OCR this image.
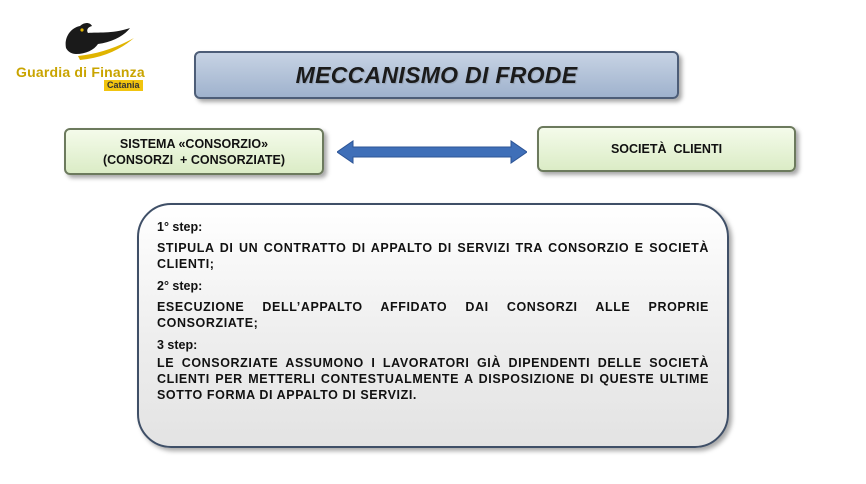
Guardia di Finanza
Catania	MECCANISMO DI FRODE
SISTEMA «CONSORZIO»
(CONSORZI  + CONSORZIATE)
SOCIETÀ  CLIENTI
1° step:
STIPULA DI UN CONTRATTO DI APPALTO DI SERVIZI TRA CONSORZIO E SOCIETÀ CLIENTI;
2° step:
ESECUZIONE DELL’APPALTO AFFIDATO DAI CONSORZI ALLE PROPRIE CONSORZIATE;
3 step:
LE CONSORZIATE ASSUMONO I LAVORATORI GIÀ DIPENDENTI DELLE SOCIETÀ CLIENTI PER METTERLI CONTESTUALMENTE A DISPOSIZIONE DI QUESTE ULTIME SOTTO FORMA DI APPALTO DI SERVIZI.
